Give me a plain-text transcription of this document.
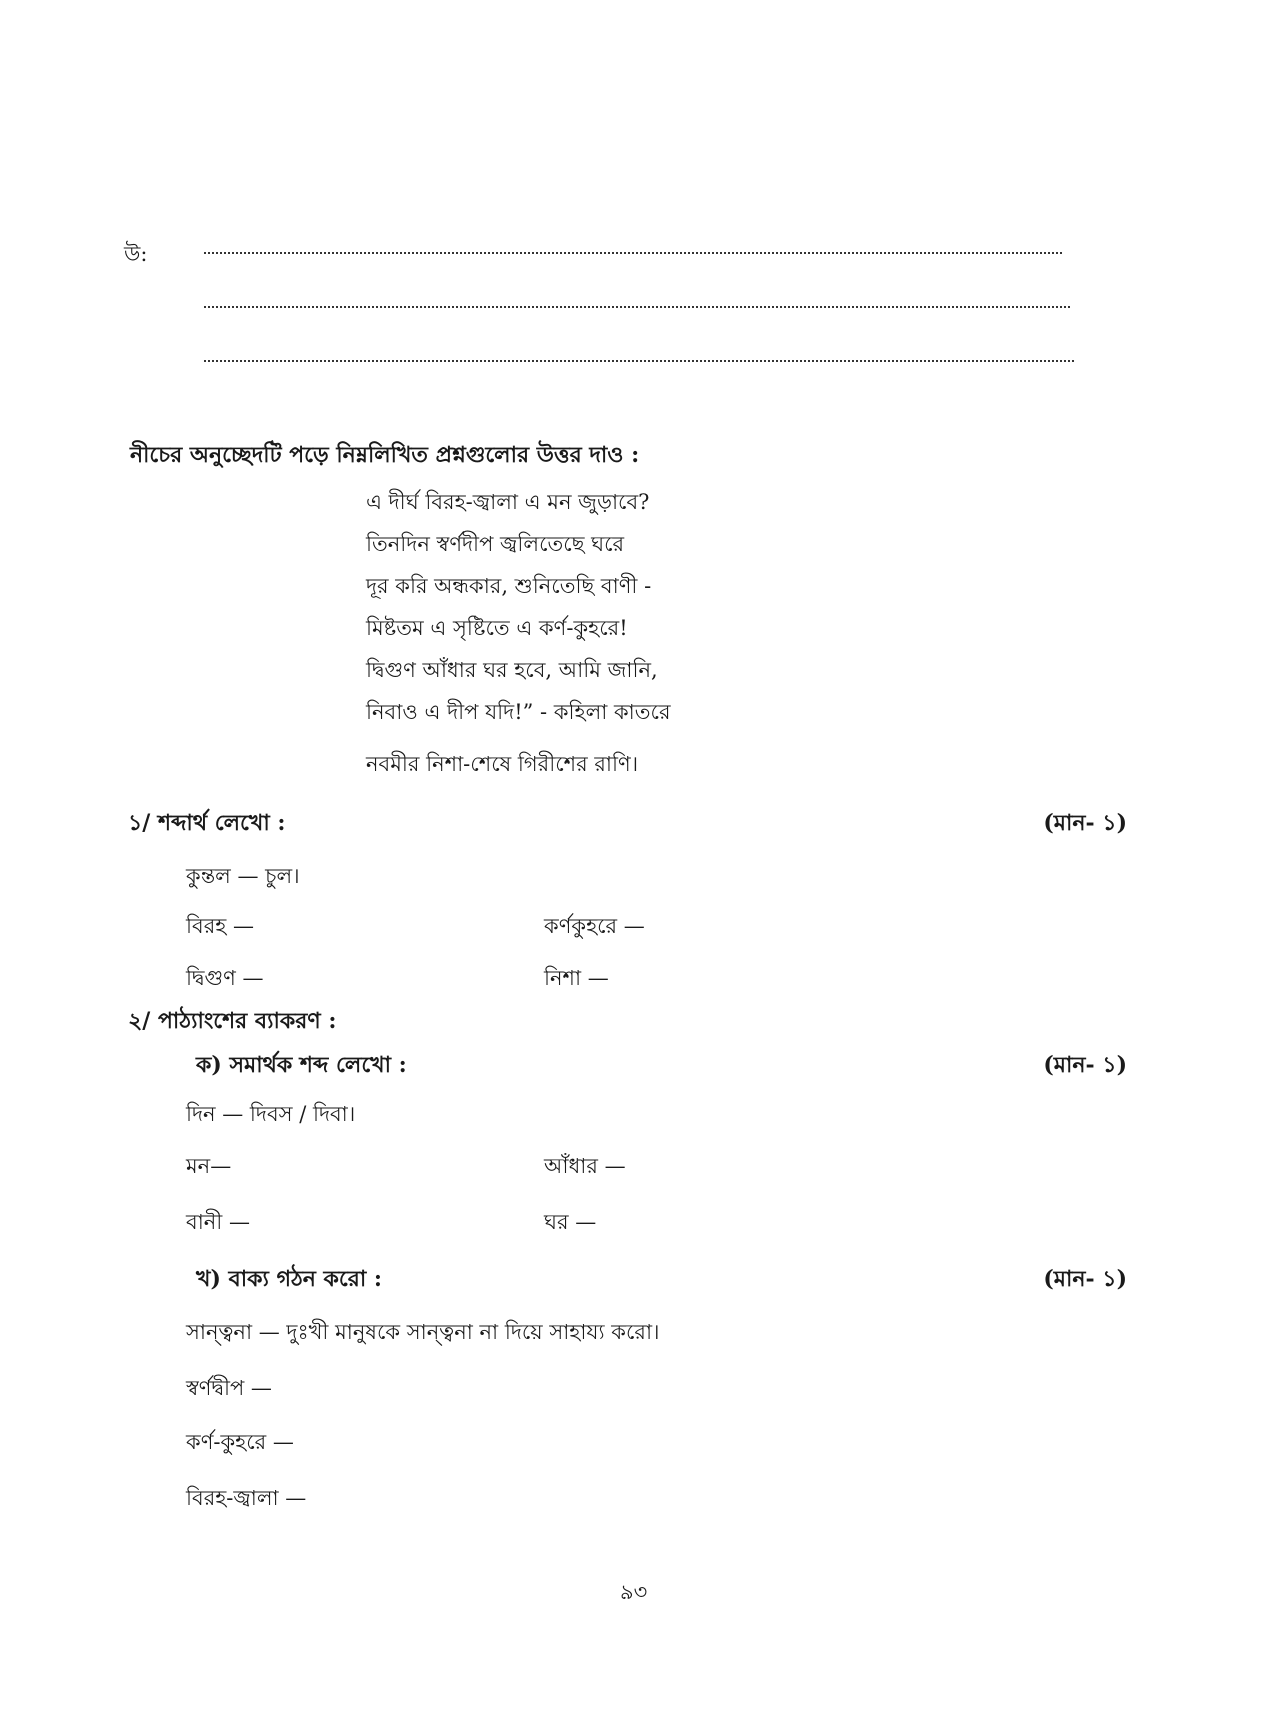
উ:
নীচের অনুচ্ছেদটি পড়ে নিম্নলিখিত প্রশ্নগুলোর উত্তর দাও :
এ দীর্ঘ বিরহ-জ্বালা এ মন জুড়াবে?
তিনদিন স্বর্ণদীপ জ্বলিতেছে ঘরে
দূর করি অন্ধকার, শুনিতেছি বাণী -
মিষ্টতম এ সৃষ্টিতে এ কর্ণ-কুহরে!
দ্বিগুণ আঁধার ঘর হবে, আমি জানি,
নিবাও এ দীপ যদি!” - কহিলা কাতরে
নবমীর নিশা-শেষে গিরীশের রাণি।
১/ শব্দার্থ লেখো :	(মান- ১)
কুন্তল — চুল।
বিরহ —	কর্ণকুহরে —
দ্বিগুণ —	নিশা —
২/ পাঠ্যাংশের ব্যাকরণ :
ক) সমার্থক শব্দ লেখো :	(মান- ১)
দিন — দিবস / দিবা।
মন—	আঁধার —
বানী —	ঘর —
খ) বাক্য গঠন করো :	(মান- ১)
সান্ত্বনা — দুঃখী মানুষকে সান্ত্বনা না দিয়ে সাহায্য করো।
স্বর্ণদ্বীপ —
কর্ণ-কুহরে —
বিরহ-জ্বালা —
৯৩
